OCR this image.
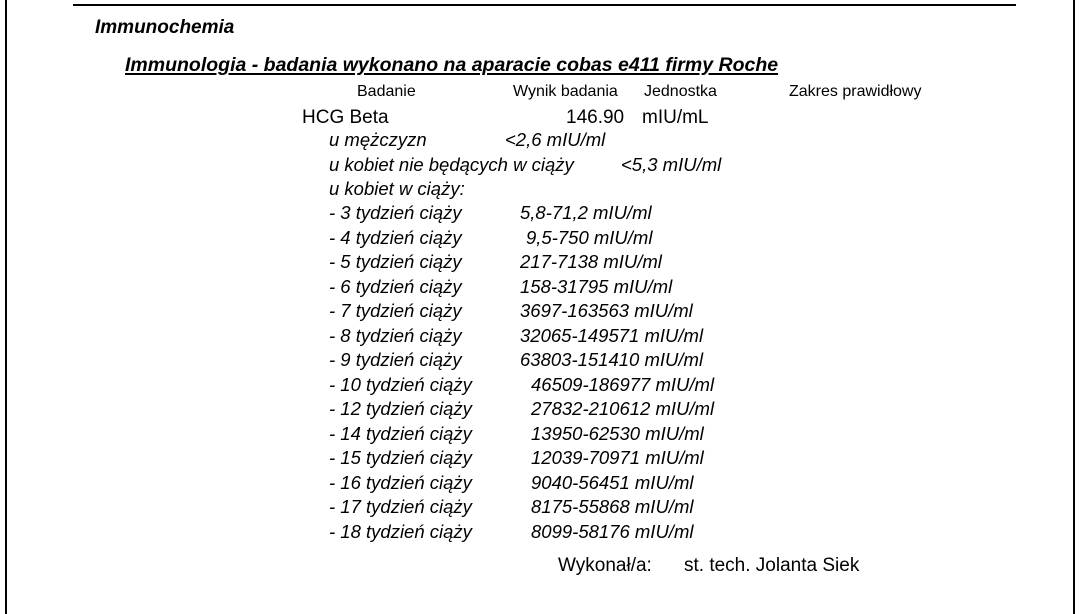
Immunochemia
Immunologia - badania wykonano na aparacie cobas e411 firmy Roche
Badanie	Wynik badania Jednostka	Zakres prawidłowy
HCG Beta	146.90 mIU/mL
u mężczyzn	<2,6 mIU/ml
u kobiet nie będących w ciąży	<5,3 mIU/ml
u kobiet w ciąży:
- 3 tydzień ciąży	5,8-71,2 mIU/ml
- 4 tydzień ciąży	9,5-750 mIU/ml
- 5 tydzień ciąży	217-7138 mIU/ml
- 6 tydzień ciąży	158-31795 mIU/ml
- 7 tydzień ciąży	3697-163563 mIU/ml
- 8 tydzień ciąży	32065-149571 mIU/ml
- 9 tydzień ciąży	63803-151410 mIU/ml
- 10 tydzień ciąży	46509-186977 mIU/ml
- 12 tydzień ciąży	27832-210612 mIU/ml
- 14 tydzień ciąży	13950-62530 mIU/ml
- 15 tydzień ciąży	12039-70971 mIU/ml
- 16 tydzień ciąży	9040-56451 mIU/ml
- 17 tydzień ciąży	8175-55868 mIU/ml
- 18 tydzień ciąży	8099-58176 mIU/ml
Wykonał/a: st. tech. Jolanta Siek
